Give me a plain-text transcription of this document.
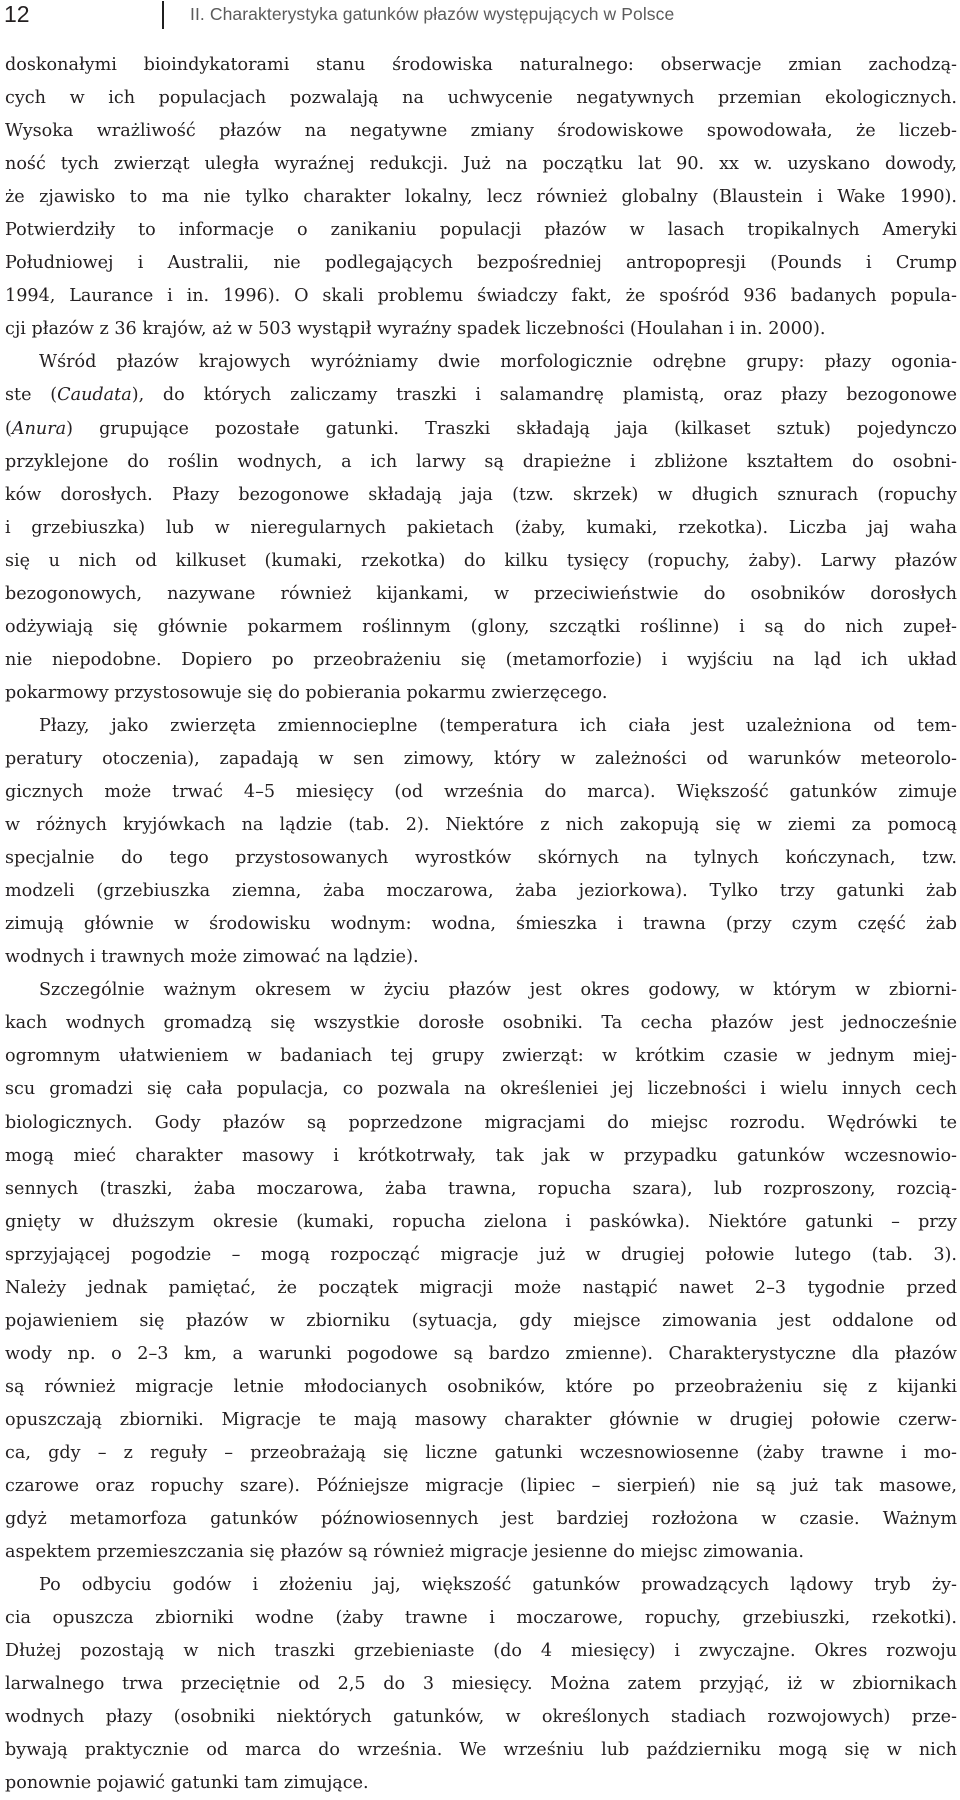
12	II. Charakterystyka gatunków płazów występujących w Polsce
doskonałymi bioindykatorami stanu środowiska naturalnego: obserwacje zmian zachodzą-
cych w ich populacjach pozwalają na uchwycenie negatywnych przemian ekologicznych.
Wysoka wrażliwość płazów na negatywne zmiany środowiskowe spowodowała, że liczeb-
ność tych zwierząt uległa wyraźnej redukcji. Już na początku lat 90. xx w. uzyskano dowody,
że zjawisko to ma nie tylko charakter lokalny, lecz również globalny (Blaustein i Wake 1990).
Potwierdziły to informacje o zanikaniu populacji płazów w lasach tropikalnych Ameryki
Południowej i Australii, nie podlegających bezpośredniej antropopresji (Pounds i Crump
1994, Laurance i in. 1996). O skali problemu świadczy fakt, że spośród 936 badanych popula-
cji płazów z 36 krajów, aż w 503 wystąpił wyraźny spadek liczebności (Houlahan i in. 2000).
Wśród płazów krajowych wyróżniamy dwie morfologicznie odrębne grupy: płazy ogonia-
ste (Caudata), do których zaliczamy traszki i salamandrę plamistą, oraz płazy bezogonowe
(Anura) grupujące pozostałe gatunki. Traszki składają jaja (kilkaset sztuk) pojedynczo
przyklejone do roślin wodnych, a ich larwy są drapieżne i zbliżone kształtem do osobni-
ków dorosłych. Płazy bezogonowe składają jaja (tzw. skrzek) w długich sznurach (ropuchy
i grzebiuszka) lub w nieregularnych pakietach (żaby, kumaki, rzekotka). Liczba jaj waha
się u nich od kilkuset (kumaki, rzekotka) do kilku tysięcy (ropuchy, żaby). Larwy płazów
bezogonowych, nazywane również kijankami, w przeciwieństwie do osobników dorosłych
odżywiają się głównie pokarmem roślinnym (glony, szczątki roślinne) i są do nich zupeł-
nie niepodobne. Dopiero po przeobrażeniu się (metamorfozie) i wyjściu na ląd ich układ
pokarmowy przystosowuje się do pobierania pokarmu zwierzęcego.
Płazy, jako zwierzęta zmiennocieplne (temperatura ich ciała jest uzależniona od tem-
peratury otoczenia), zapadają w sen zimowy, który w zależności od warunków meteorolo-
gicznych może trwać 4–5 miesięcy (od września do marca). Większość gatunków zimuje
w różnych kryjówkach na lądzie (tab. 2). Niektóre z nich zakopują się w ziemi za pomocą
specjalnie do tego przystosowanych wyrostków skórnych na tylnych kończynach, tzw.
modzeli (grzebiuszka ziemna, żaba moczarowa, żaba jeziorkowa). Tylko trzy gatunki żab
zimują głównie w środowisku wodnym: wodna, śmieszka i trawna (przy czym część żab
wodnych i trawnych może zimować na lądzie).
Szczególnie ważnym okresem w życiu płazów jest okres godowy, w którym w zbiorni-
kach wodnych gromadzą się wszystkie dorosłe osobniki. Ta cecha płazów jest jednocześnie
ogromnym ułatwieniem w badaniach tej grupy zwierząt: w krótkim czasie w jednym miej-
scu gromadzi się cała populacja, co pozwala na określeniei jej liczebności i wielu innych cech
biologicznych. Gody płazów są poprzedzone migracjami do miejsc rozrodu. Wędrówki te
mogą mieć charakter masowy i krótkotrwały, tak jak w przypadku gatunków wczesnowio-
sennych (traszki, żaba moczarowa, żaba trawna, ropucha szara), lub rozproszony, rozcią-
gnięty w dłuższym okresie (kumaki, ropucha zielona i paskówka). Niektóre gatunki – przy
sprzyjającej pogodzie – mogą rozpocząć migracje już w drugiej połowie lutego (tab. 3).
Należy jednak pamiętać, że początek migracji może nastąpić nawet 2–3 tygodnie przed
pojawieniem się płazów w zbiorniku (sytuacja, gdy miejsce zimowania jest oddalone od
wody np. o 2–3 km, a warunki pogodowe są bardzo zmienne). Charakterystyczne dla płazów
są również migracje letnie młodocianych osobników, które po przeobrażeniu się z kijanki
opuszczają zbiorniki. Migracje te mają masowy charakter głównie w drugiej połowie czerw-
ca, gdy – z reguły – przeobrażają się liczne gatunki wczesnowiosenne (żaby trawne i mo-
czarowe oraz ropuchy szare). Późniejsze migracje (lipiec – sierpień) nie są już tak masowe,
gdyż metamorfoza gatunków późnowiosennych jest bardziej rozłożona w czasie. Ważnym
aspektem przemieszczania się płazów są również migracje jesienne do miejsc zimowania.
Po odbyciu godów i złożeniu jaj, większość gatunków prowadzących lądowy tryb ży-
cia opuszcza zbiorniki wodne (żaby trawne i moczarowe, ropuchy, grzebiuszki, rzekotki).
Dłużej pozostają w nich traszki grzebieniaste (do 4 miesięcy) i zwyczajne. Okres rozwoju
larwalnego trwa przeciętnie od 2,5 do 3 miesięcy. Można zatem przyjąć, iż w zbiornikach
wodnych płazy (osobniki niektórych gatunków, w określonych stadiach rozwojowych) prze-
bywają praktycznie od marca do września. We wrześniu lub październiku mogą się w nich
ponownie pojawić gatunki tam zimujące.
